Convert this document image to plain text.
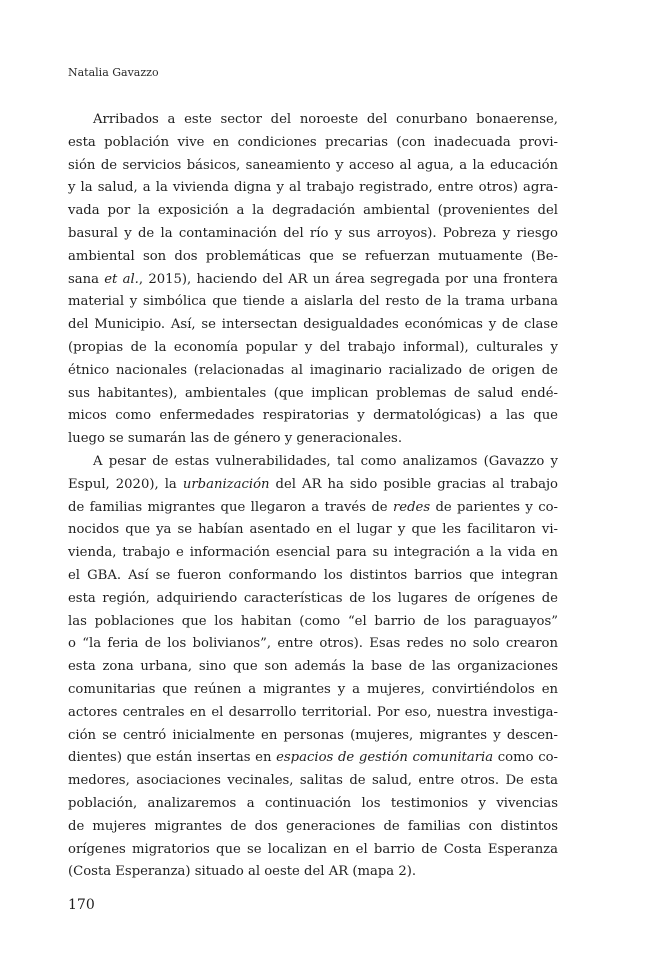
Natalia Gavazzo
Arribados a este sector del noroeste del conurbano bonaerense,
esta población vive en condiciones precarias (con inadecuada provi-
sión de servicios básicos, saneamiento y acceso al agua, a la educación
y la salud, a la vivienda digna y al trabajo registrado, entre otros) agra-
vada por la exposición a la degradación ambiental (provenientes del
basural y de la contaminación del río y sus arroyos). Pobreza y riesgo
ambiental son dos problemáticas que se refuerzan mutuamente (Be-
sana et al., 2015), haciendo del AR un área segregada por una frontera
material y simbólica que tiende a aislarla del resto de la trama urbana
del Municipio. Así, se intersectan desigualdades económicas y de clase
(propias de la economía popular y del trabajo informal), culturales y
étnico nacionales (relacionadas al imaginario racializado de origen de
sus habitantes), ambientales (que implican problemas de salud endé-
micos como enfermedades respiratorias y dermatológicas) a las que
luego se sumarán las de género y generacionales.
A pesar de estas vulnerabilidades, tal como analizamos (Gavazzo y
Espul, 2020), la urbanización del AR ha sido posible gracias al trabajo
de familias migrantes que llegaron a través de redes de parientes y co-
nocidos que ya se habían asentado en el lugar y que les facilitaron vi-
vienda, trabajo e información esencial para su integración a la vida en
el GBA. Así se fueron conformando los distintos barrios que integran
esta región, adquiriendo características de los lugares de orígenes de
las poblaciones que los habitan (como “el barrio de los paraguayos”
o “la feria de los bolivianos”, entre otros). Esas redes no solo crearon
esta zona urbana, sino que son además la base de las organizaciones
comunitarias que reúnen a migrantes y a mujeres, convirtiéndolos en
actores centrales en el desarrollo territorial. Por eso, nuestra investiga-
ción se centró inicialmente en personas (mujeres, migrantes y descen-
dientes) que están insertas en espacios de gestión comunitaria como co-
medores, asociaciones vecinales, salitas de salud, entre otros. De esta
población, analizaremos a continuación los testimonios y vivencias
de mujeres migrantes de dos generaciones de familias con distintos
orígenes migratorios que se localizan en el barrio de Costa Esperanza
(Costa Esperanza) situado al oeste del AR (mapa 2).
170
